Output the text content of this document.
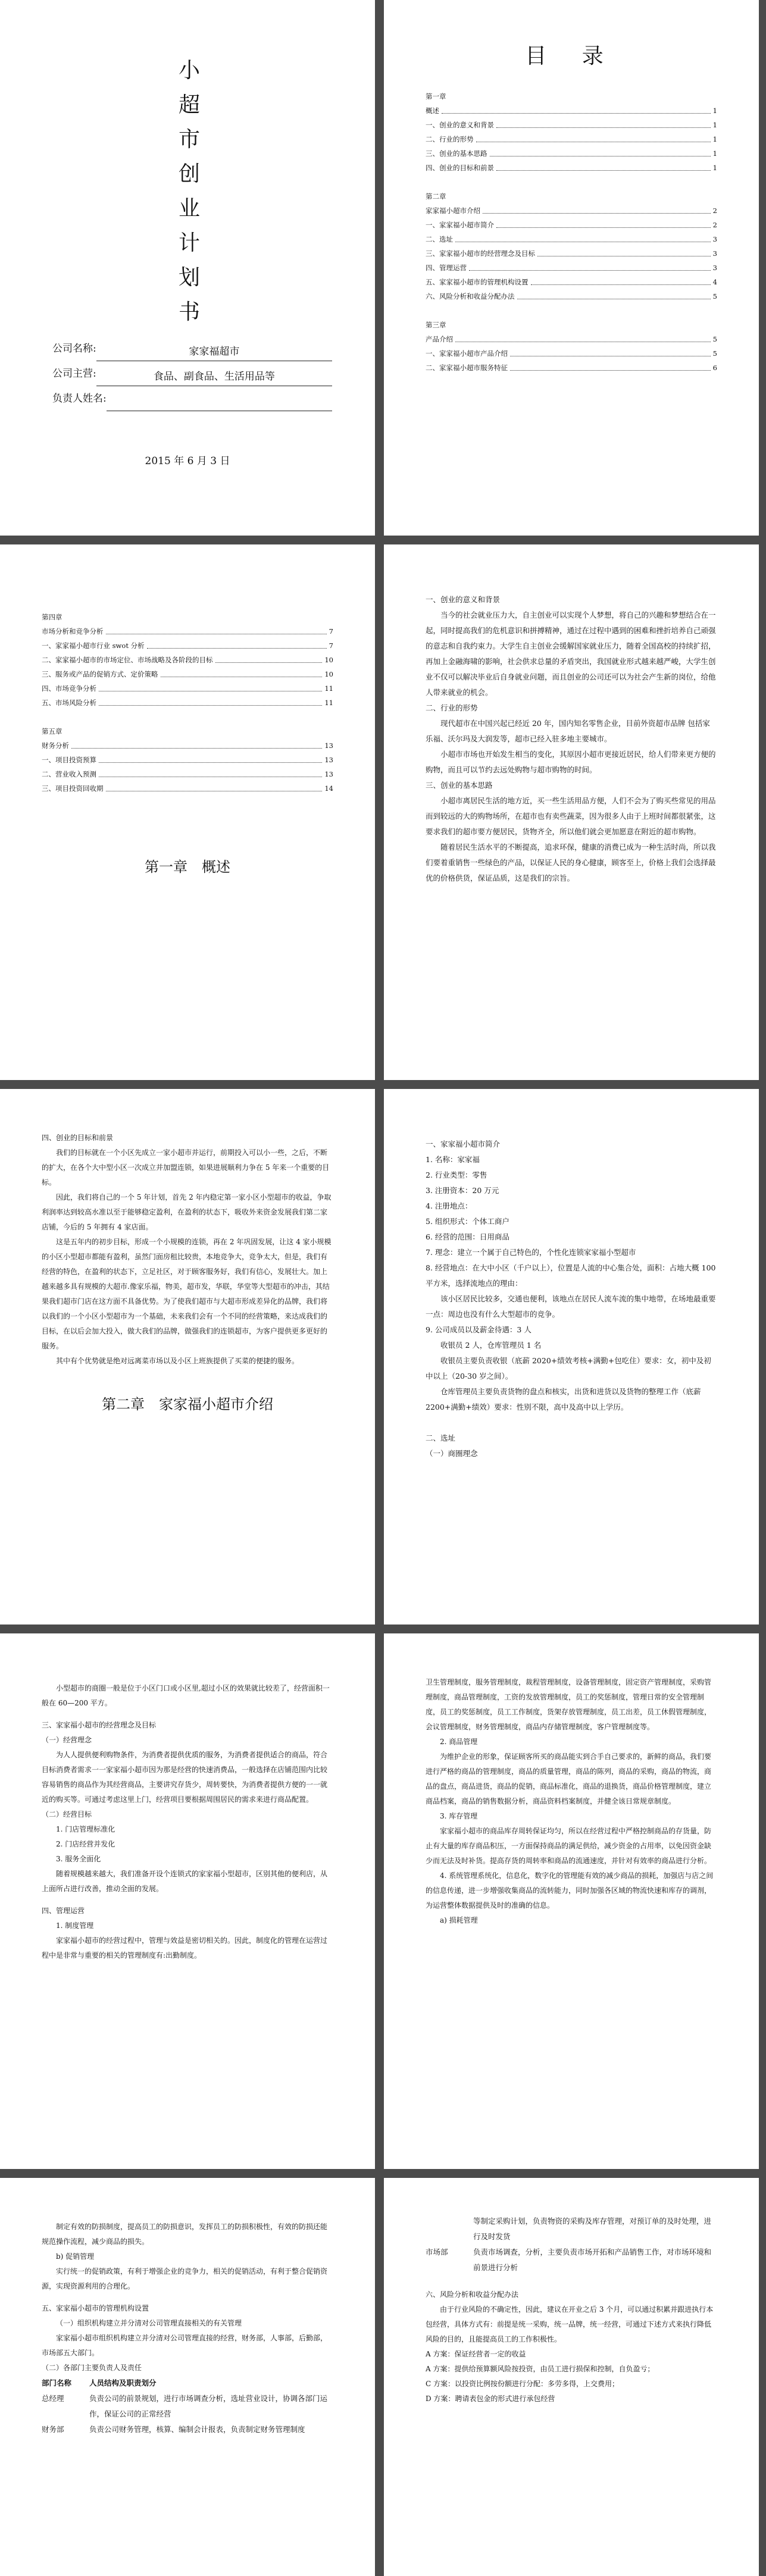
小
超
市
创
业
计
划
书
公司名称:	家家福超市
公司主营:	食品、副食品、生活用品等
负责人姓名:
2015 年 6 月 3 日
目 录
第一章
概述	1
一、创业的意义和背景	1
二、行业的形势	1
三、创业的基本思路	1
四、创业的目标和前景	1
第二章
家家福小超市介绍	2
一、家家福小超市简介	2
二、选址	3
三、家家福小超市的经营理念及目标	3
四、管理运营	3
五、家家福小超市的管理机构设置	4
六、风险分析和收益分配办法	5
第三章
产品介绍	5
一、家家福小超市产品介绍	5
二、家家福小超市服务特征	6
第四章
市场分析和竞争分析	7
一、家家福小超市行业 swot 分析	7
二、家家福小超市的市场定位、市场战略及各阶段的目标	10
三、服务或产品的促销方式、定价策略	10
四、市场竞争分析	11
五、市场风险分析	11
第五章
财务分析	13
一、项目投资预算	13
二、营业收入预测	13
三、项目投资回收期	14
第一章　概述

一、创业的意义和背景

当今的社会就业压力大，自主创业可以实现个人梦想，将自己的兴趣和梦想结合在一起，同时提高我们的危机意识和拼搏精神，通过在过程中遇到的困难和挫折培养自己顽强的意志和自我约束力。大学生自主创业会缓解国家就业压力，随着全国高校的持续扩招，再加上金融海啸的影响，社会供求总量的矛盾突出，我国就业形式越来越严峻，大学生创业不仅可以解决毕业后自身就业问题，而且创业的公司还可以为社会产生新的岗位，给他人带来就业的机会。

二、行业的形势

现代超市在中国兴起已经近 20 年，国内知名零售企业，目前外资超市品牌 包括家乐福、沃尔玛及大润发等，超市已经入驻多地主要城市。

小超市市场也开始发生相当的变化，其原因小超市更接近居民，给人们带来更方便的购物，而且可以节约去远处购物与超市购物的时间。

三、创业的基本思路

小超市离居民生活的地方近，买一些生活用品方便，人们不会为了购买些常见的用品而到较远的大的购物场所，在超市也有卖些蔬菜，因为很多人由于上班时间都很紧张，这要求我们的超市要方便居民，货物齐全，所以他们就会更加愿意在附近的超市购物。

随着居民生活水平的不断提高，追求环保，健康的消费已成为一种生活时尚，所以我们要着重销售一些绿色的产品，以保证人民的身心健康，顾客至上，价格上我们会选择最优的价格供货，保证品质，这是我们的宗旨。

四、创业的目标和前景

我们的目标就在一个小区先成立一家小超市并运行，前期投入可以小一些，之后，不断的扩大，在各个大中型小区一次成立并加盟连锁，如果进展顺利力争在 5 年来一个重要的目标。

因此，我们将自己的一个 5 年计划，首先 2 年内稳定第一家小区小型超市的收益，争取利润率达到较高水准以至于能够稳定盈利，在盈利的状态下，吸收外来资金发展我们第二家店铺，今后的 5 年拥有 4 家店面。

这是五年内的初步目标，形成一个小规模的连锁，再在 2 年巩固发展，让这 4 家小规模的小区小型超市都能有盈利，虽然门面房租比较贵，本地竞争大，竞争太大，但是，我们有经营的特色，在盈利的状态下，立足社区，对于顾客服务好，我们有信心，发展壮大。加上越来越多具有规模的大超市.像家乐福，物美，超市发，华联，华堂等大型超市的冲击，其结果我们超市门店在这方面不具备优势。为了使我们超市与大超市形成差异化的品牌，我们将以我们的一个小区小型超市为一个基础，未来我们会有一个不同的经营策略，来达成我们的目标，在以后会加大投入，做大我们的品牌，做强我们的连锁超市，为客户提供更多更好的服务。

其中有个优势就是绝对远离菜市场以及小区上班族提供了买菜的便捷的服务。

第二章　家家福小超市介绍

一、家家福小超市简介

1. 名称：家家福

2. 行业类型：零售

3. 注册资本：20 万元

4. 注册地点：

5. 组织形式：个体工商户

6. 经营的范围：日用商品

7. 理念：建立一个属于自己特色的，个性化连锁家家福小型超市

8. 经营地点：在大中小区（千户以上），位置是人流的中心集合处，面积：占地大概 100 平方米，选择流地点的理由：

该小区居民比较多，交通也便利，该地点在居民人流车流的集中地带，在场地最重要一点：周边也没有什么大型超市的竞争。

9. 公司成员以及薪金待遇：3 人

收银员 2 人，仓库管理员 1 名

收银员主要负责收银（底薪 2020+绩效考核+满勤+包吃住）要求：女，初中及初中以上（20-30 岁之间）。

仓库管理员主要负责货物的盘点和核实，出货和进货以及货物的整理工作（底薪 2200+满勤+绩效）要求：性别不限，高中及高中以上学历。

二、选址

（一）商圈理念

小型超市的商圈一般是位于小区门口或小区里,超过小区的效果就比较差了，经营面积一般在 60—200 平方。

三、家家福小超市的经营理念及目标

（一）经营理念

为人人提供便利购物条件，为消费者提供优质的服务，为消费者提供适合的商品，符合目标消费者需求一一家家福小超市因为那是经营的快速消费品，一般选择在店铺范围内比较容易销售的商品作为其经营商品，主要讲究存货少，周转要快，为消费者提供方便的一一就近的购买等。可通过考虑这里上门，经营项目要根据周围居民的需求来进行商品配置。

（二）经营目标

1. 门店管理标准化

2. 门店经营并发化

3. 服务全面化

随着规模越来越大，我们准备开设个连锁式的家家福小型超市，区别其他的便利店，从上面所占进行改善，推动全面的发展。

四、管理运营

1. 制度管理

家家福小超市的经营过程中，管理与效益是密切相关的。因此，制度化的管理在运营过程中是非常与重要的相关的管理制度有:出勤制度。

卫生管理制度，服务管理制度，裁程管理制度，设备管理制度，固定资产管理制度，采购管理制度，商品管理制度，工资的发放管理制度，员工的奖惩制度，管理日常的安全管理制度，员工的奖惩制度，员工工作制度，货架存放管理制度，员工出差，员工休假管理制度，会议管理制度，财务管理制度，商品内存储管理制度，客户管理制度等。

2. 商品管理

为维护企业的形象，保证顾客所买的商品能实到合手自己要求的，新鲜的商品，我们要进行严格的商品的管理制度，商品的质量管理，商品的陈列，商品的采购，商品的物流，商品的盘点，商品进货，商品的促销，商品标准化，商品的退换货，商品价格管理制度，建立商品档案，商品的销售数据分析，商品资料档案制度，并健全该日常规章制度。

3. 库存管理

家家福小超市的商品库存周转保证均匀，所以在经营过程中严格控制商品的存货量，防止有大量的库存商品积压，一方面保持商品的满足供给，减少资金的占用率，以免因资金缺少而无法及时补货。提高存货的周转率和商品的流通速度，并针对有效率的商品进行分析。

4. 系统管理系统化，信息化，数字化的管理能有效的减少商品的损耗，加强店与店之间的信息传递，进一步增强收集商品的流转能力，同时加强各区域的物流快速和库存的调剂，为运营整体数据提供及时的准确的信息。

a) 损耗管理

制定有效的防损制度，提高员工的防损意识，发挥员工的防损积极性，有效的防损还能规范操作流程，减少商品的损失。

b) 促销管理

实行统一的促销政策，有利于增强企业的竞争力，相关的促销活动，有利于整合促销资源，实现资源利用的合理化。

五、家家福小超市的管理机构设置

（一）组织机构建立并分清对公司管理直接相关的有关管理

家家福小超市组织机构建立并分清对公司管理直接的经营，财务部，人事部，后勤部，市场部五大部门。

（二）各部门主要负责人及责任

部门名称	人员结构及职责划分
总经理	负责公司的前景规划，进行市场调查分析，选址营业设计，协调各部门运作，保证公司的正常经营
财务部	负责公司财务管理，核算、编制会计报表，负责制定财务管理制度
等制定采购计划，负责物资的采购及库存管理，对预订单的及时处理，进行及时发货
市场部	负责市场调查，分析，主要负责市场开拓和产品销售工作，对市场环境和前景进行分析

六、风险分析和收益分配办法

由于行业风险的不确定性，因此，建议在开业之后 3 个月，可以通过积累并跟进执行本包经营，具体方式有：前提是统一采购，统一品牌，统一经营，可通过下述方式来执行降低风险的目的，且能提高员工的工作积极性。

A 方案：保证经营者一定的收益

A 方案：提供给预算额风险按投资，由员工进行损保和控制，自负盈亏；

C 方案：以投资比例按份额进行分配：多劳多得，上交费用；

D 方案：聘请表包金的形式进行承包经营
